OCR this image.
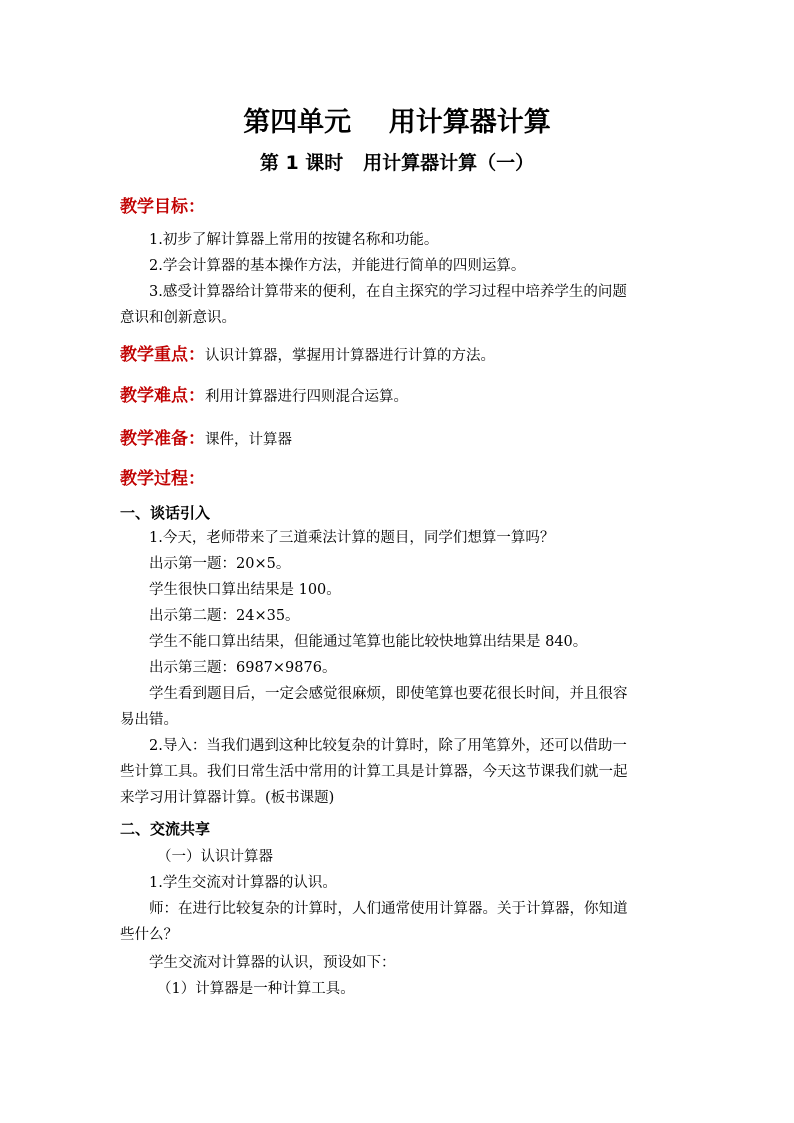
第四单元    用计算器计算
第 1 课时   用计算器计算（一）
教学目标：
1.初步了解计算器上常用的按键名称和功能。
2.学会计算器的基本操作方法，并能进行简单的四则运算。
3.感受计算器给计算带来的便利，在自主探究的学习过程中培养学生的问题
意识和创新意识。
教学重点：认识计算器，掌握用计算器进行计算的方法。
教学难点：利用计算器进行四则混合运算。
教学准备：课件，计算器
教学过程：
一、谈话引入
1.今天，老师带来了三道乘法计算的题目，同学们想算一算吗？
出示第一题：20×5。
学生很快口算出结果是 100。
出示第二题：24×35。
学生不能口算出结果，但能通过笔算也能比较快地算出结果是 840。
出示第三题：6987×9876。
学生看到题目后，一定会感觉很麻烦，即使笔算也要花很长时间，并且很容
易出错。
2.导入：当我们遇到这种比较复杂的计算时，除了用笔算外，还可以借助一
些计算工具。我们日常生活中常用的计算工具是计算器，今天这节课我们就一起
来学习用计算器计算。(板书课题)
二、交流共享
（一）认识计算器
1.学生交流对计算器的认识。
师：在进行比较复杂的计算时，人们通常使用计算器。关于计算器，你知道
些什么？
学生交流对计算器的认识，预设如下：
（1）计算器是一种计算工具。
